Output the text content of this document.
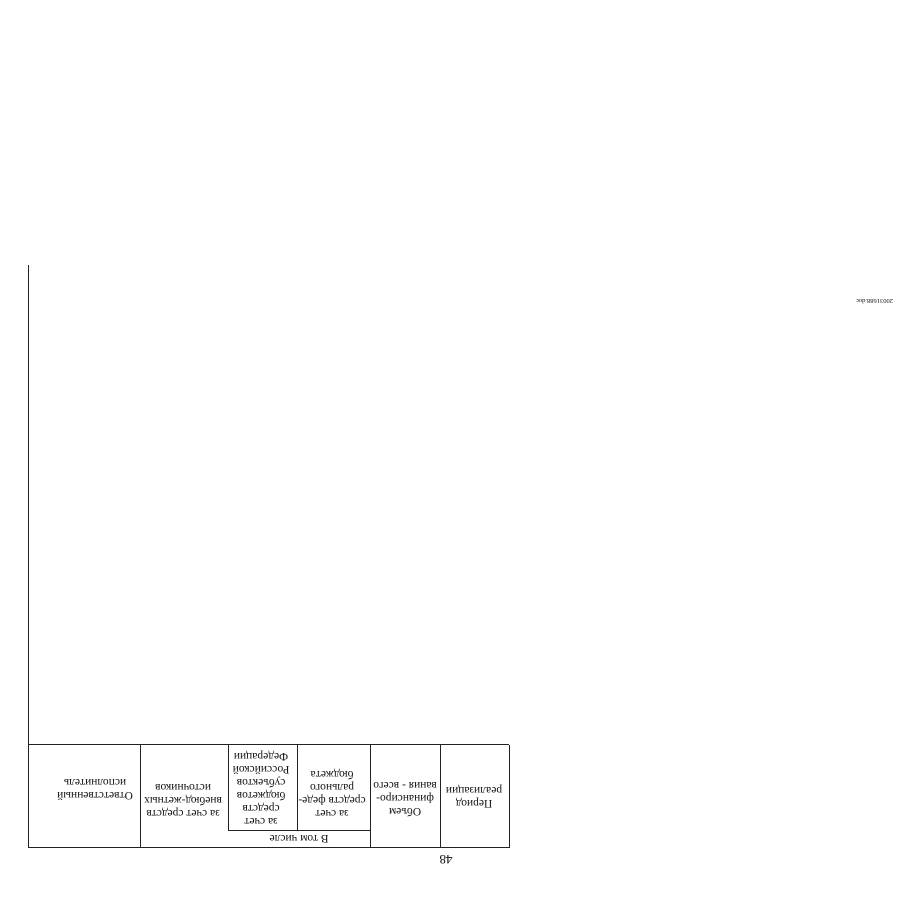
48
20031688.doc
Период реализации
Объем финансиро-вания - всего
В том числе
за счет средств феде-рального бюджета
за счет средств бюджетов субъектов Российской Федерации
за счет средств внебюд-жетных источников
Ответственный исполнитель
